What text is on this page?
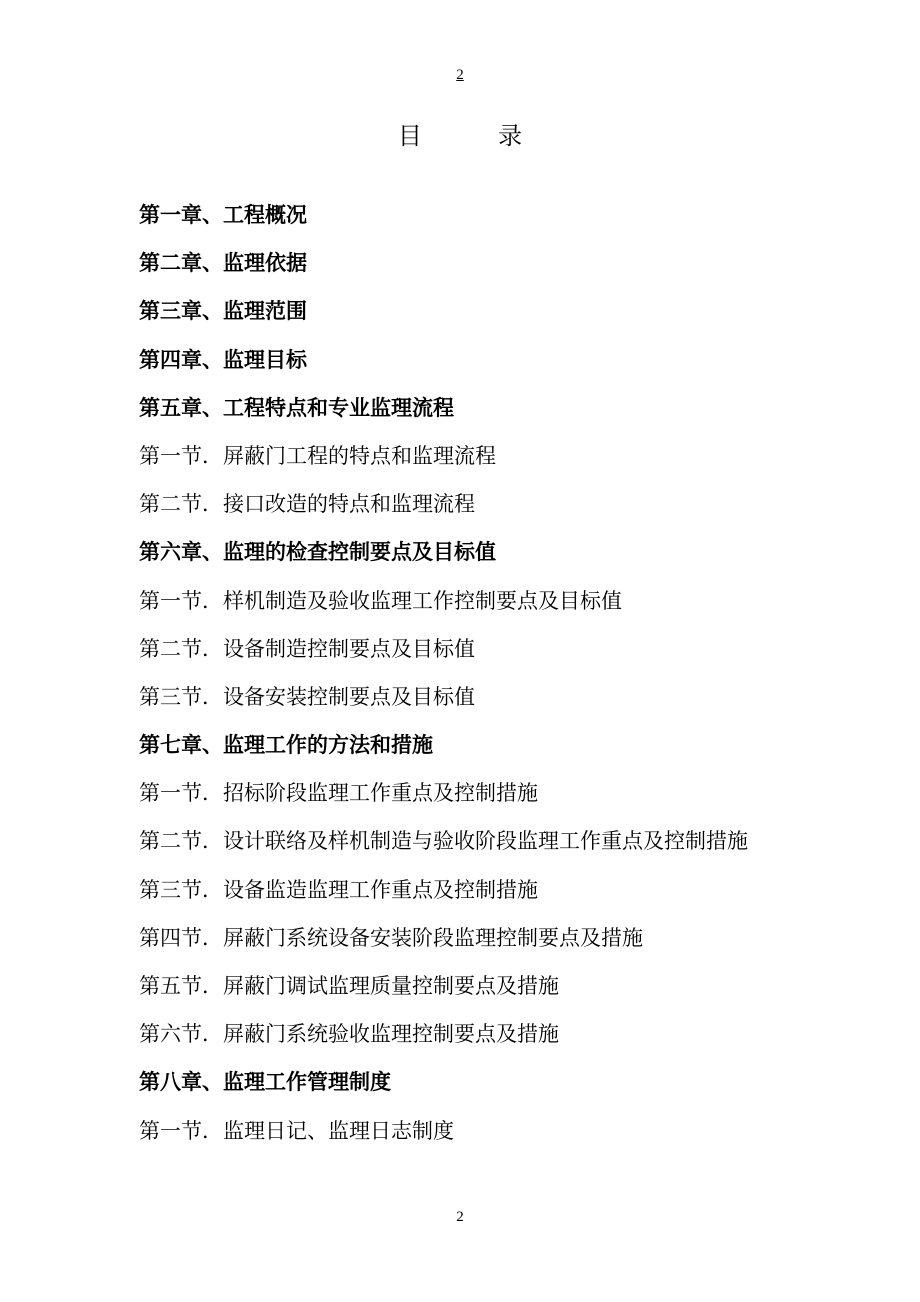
2
目          录
第一章、工程概况
第二章、监理依据
第三章、监理范围
第四章、监理目标
第五章、工程特点和专业监理流程
第一节．屏蔽门工程的特点和监理流程
第二节．接口改造的特点和监理流程
第六章、监理的检查控制要点及目标值
第一节．样机制造及验收监理工作控制要点及目标值
第二节．设备制造控制要点及目标值
第三节．设备安装控制要点及目标值
第七章、监理工作的方法和措施
第一节．招标阶段监理工作重点及控制措施
第二节．设计联络及样机制造与验收阶段监理工作重点及控制措施
第三节．设备监造监理工作重点及控制措施
第四节．屏蔽门系统设备安装阶段监理控制要点及措施
第五节．屏蔽门调试监理质量控制要点及措施
第六节．屏蔽门系统验收监理控制要点及措施
第八章、监理工作管理制度
第一节．监理日记、监理日志制度
2
